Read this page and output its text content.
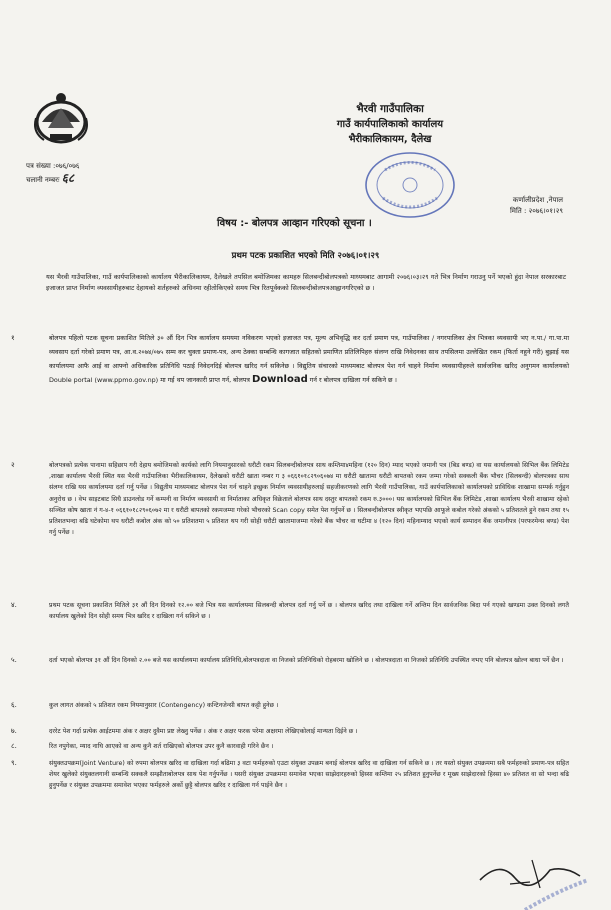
भैरवी गाउँपालिका
गाउँ कार्यपालिकाको कार्यालय
भैरीकालिकायम, दैलेख
पत्र संख्या :०७६/०७६
चलानी नम्बरः ६८
कर्णालीप्रदेश ,नेपाल
मिति : २०७६।०१।२९
विषय :- बोलपत्र आव्हान गरिएको सूचना ।
प्रथम पटक प्रकाशित भएको मिति २०७६।०१।२९
यस भैरवी गाउँपालिका, गाउँ कार्यपालिकाको कार्यालय भैरीकालिकायम, दैलेखले तपसिल बमोजिमका कामहरु सिलबन्दीबोलपत्रको माध्यमबाट आगामी २०७६।०३।२९ गते भित्र निर्माण गराउनु पर्ने भएको हुंदा नेपाल सरकारबाट इजाजत प्राप्त निर्माण व्यवसायीहरुबाट देहायको शर्तहरुको अधिनमा रहीतोकिएको समय भित्र रितपूर्वकको सिलबन्दीबोलपत्रआह्वानगरिएको छ ।
१	बोलपत्र पहिलो पटक सूचना प्रकाशित मितिले ३० औं दिन भित्र कार्यालय समयमा नविकरण भएको इजाजत पत्र, मूल्य अभिवृद्धि कर दर्ता प्रमाण पत्र, गाउँपालिका / नगरपालिका क्षेत्र भित्रका व्यवसायी भए न.पा./ गा.पा.मा व्यवसाय दर्ता गरेको प्रमाण पत्र, आ.व.२०७४/०७५ सम्म कर चुक्ता प्रमाण-पत्र, अन्य ठेक्का सम्बन्धि कागजात सहितको प्रमाणित प्रतिलिपिहरु संलग्न राखि निवेदनका साथ तपसिलमा उल्लेखित रकम (फिर्ता नहुने गरी) बुझाई यस कार्यालयमा आफै आई वा आफ्नो अधिकारिक प्रतिनिधि पठाई निवेदनदिई बोलपत्र खरिद गर्न सकिनेछ । विद्युतिय संचारको माध्यमबाट बोलपत्र पेश गर्न चाहने निर्माण व्यवसायीहरुले सार्वजनिक खरिद अनुगमन कार्यालयको Double portal (www.ppmo.gov.np) मा गई थप जानकारी प्राप्त गर्न, बोलपत्र Download गर्न र बोलपत्र दाखिला गर्न सकिने छ ।
२	बोलपत्रको प्रत्येक पानामा सहिछाप गरी देहाय बमोजिमको कार्यको लागि नियमानुसारको धरौटी रकम सिलबन्दीबोलपत्र साथ कम्तिमा४महिना (१२० दिन) म्याद भएको जमानी पत्र (बिड बण्ड) वा यस कार्यालयको सिभिल बैंक लिमिटेड ,शाखा कार्यालय भैरवी स्थित यस भैरवी गाउँपालिका भैरीकालिकायम, दैलेखको धरौटी खाता नम्बर ग ३ ०६६१०१८२९०६०७४ मा धरौटी खातामा धरौटी बापतको रकम जम्मा गरेको सक्कली बैंक भौचर (सिलबन्दी) बोलपत्रका साथ संलग्न राखि यस कार्यालयमा दर्ता गर्नु पर्नेछ । विद्युतीय माध्यमबाट बोलपत्र पेश गर्न चाहने इच्छुक निर्माण व्यवसायीहरुलाई सहजीकरणको लागि भैरवी गाउँपालिका, गाउँ कार्यपालिकाको कार्यालयको प्राविधिक शाखामा सम्पर्क गर्नुहुन अनुरोध छ । वेभ साइटबाट सिधै डाउनलोड गर्ने कम्पनी वा निर्माण व्यवसायी वा निर्माताका अधिकृत विक्रेताले बोलपत्र साथ दस्तुर बापतको रकम रु.३०००। यस कार्यालयको सिभिल बैंक लिमिटेड ,शाखा कार्यालय भैरवी शाखामा रहेको सञ्चित कोष खाता नं ग-४-१ ०६६१०१८२९०६०७२ मा र धरौटी बापतको रकमजम्मा गरेको भौचरको Scan copy समेत पेश गर्नुपर्ने छ । सिलबन्दीबोलपत्र स्वीकृत भएपछि आफूले कबोल गरेको अंकको ५ प्रतिशतले हुने रकम तथा १५ प्रतिशतभन्दा बढि घटेकोमा थप धरौटी कबोल अंक को ५० प्रतिशतमा ५ प्रतिशत थप गरी सोही धरौटी खातामाजम्मा गरेको बैंक भौचर वा घटीमा ४ (१२० दिन) महिनाम्याद भएको कार्य सम्पादन बैंक जमानीपत्र (परफरमेन्स बण्ड) पेश गर्नु पर्नेछ ।
४.	प्रथम पटक सूचना प्रकाशित मितिले ३१ औं दिन दिनको १२.०० बजे भित्र यस कार्यालयमा सिलबन्दी बोलपत्र दर्ता गर्नु पर्ने छ । बोलपत्र खरिद तथा दाखिला गर्ने अन्तिम दिन सार्वजनिक बिदा पर्न गएको खण्डमा उक्त दिनको लगतै कार्यालय खुलेको दिन सोही समय भित्र खरिद र दाखिला गर्न सकिने छ ।
५.	दर्ता भएको बोलपत्र ३१ औं दिन दिनको २.०० बजे यस कार्यालयमा कार्यालय प्रतिनिधि,बोलपत्रदाता वा निजको प्रतिनिधिको रोहबरमा खोलिने छ । बोलपत्रदाता वा निजको प्रतिनिधि उपस्थित नभए पनि बोलपत्र खोल्न बाधा पर्ने छैन ।
६.	कुल लागत अंकको ५ प्रतिशत रकम नियमानुसार (Contengency) कन्टिनजेन्सी बापत कट्टी हुनेछ ।
७.	दररेट पेश गर्दा प्रत्येक आईटममा अंक र अक्षर दुवैमा प्रष्ट लेख्नु पर्नेछ । अंक र अक्षर फरक परेमा अक्षरमा लेखिएकोलाई मान्यता दिईने छ ।
८.	रित नपुगेका, म्याद नाघि आएको वा अन्य कुनै शर्त राखिएको बोलपत्र उपर कुनै कारवाही गरिने छैन ।
९.	संयुक्तउपक्रम(Joint Venture) को रुपमा बोलपत्र खरिद वा दाखिला गर्दा बढिमा ३ वटा फर्महरुको एउटा संयुक्त उपक्रम बनाई बोलपत्र खरिद वा दाखिला गर्न सकिने छ । तर यस्तो संयुक्त उपक्रममा सबै फर्महरुको प्रमाण-पत्र सहित शेयर खुलेको संयुक्तलगानी सम्बन्धि सक्कलै सम्झौताबोलपत्र साथ पेश गर्नुपर्नेछ । यसरी संयुक्त उपक्रममा समावेश भएका साझेदारहरुको हिस्सा कम्तिमा २५ प्रतिशत हुनुपर्नेछ र मूख्य साझेदारको हिस्सा ४० प्रतिशत वा सो भन्दा बढि हुनुपर्नेछ र संयुक्त उपक्रममा समावेश भएका फर्महरुले अर्को छुट्टै बोलपत्र खरिद र दाखिला गर्न पाईने छैन ।
